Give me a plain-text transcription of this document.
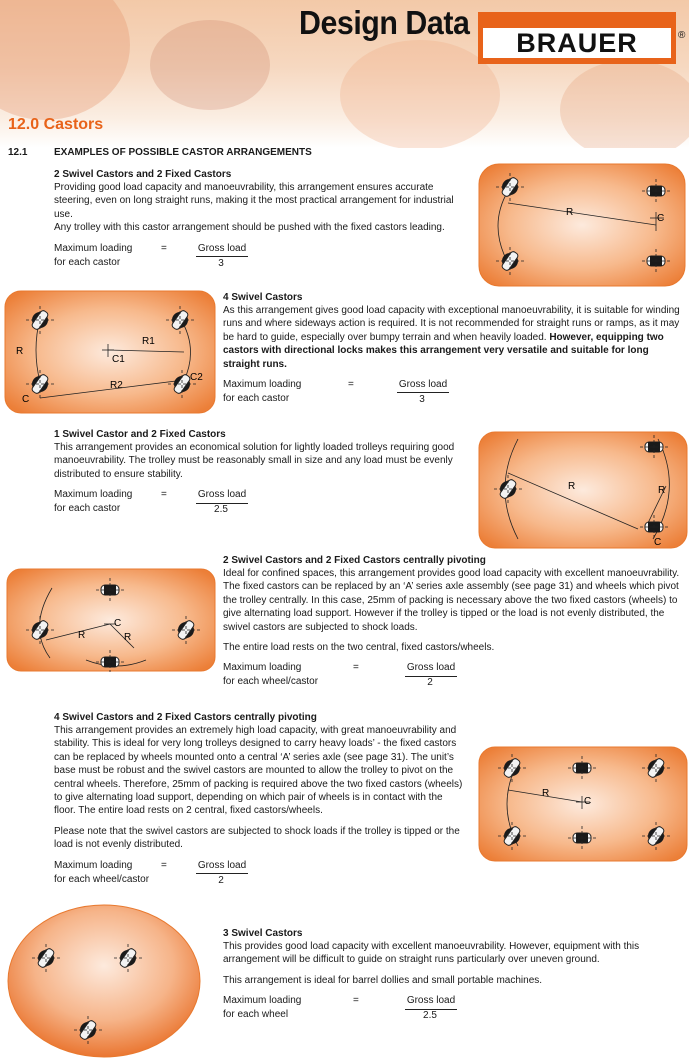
Design Data
BRAUER	®
12.0 Castors
12.1	EXAMPLES OF POSSIBLE CASTOR ARRANGEMENTS
2 Swivel Castors and 2 Fixed Castors

Providing good load capacity and manoeuvrability, this arrangement ensures accurate steering, even on long straight runs, making it the most practical arrangement for industrial use.
Any trolley with this castor arrangement should be pushed with the fixed castors leading.

Maximum loading
for each castor
=	Gross load
3
R
C
R
R1
R2
C
C1
C2
4 Swivel Castors

As this arrangement gives good load capacity with exceptional manoeuvrability, it is suitable for winding runs and where sideways action is required. It is not recommended for straight runs or ramps, as it may be hard to guide, especially over bumpy terrain and when heavily loaded. However, equipping two castors with directional locks makes this arrangement very versatile and suitable for long straight runs.

Maximum loading
for each castor
=	Gross load
3
1 Swivel Castor and 2 Fixed Castors

This arrangement provides an economical solution for lightly loaded trolleys requiring good manoeuvrability. The trolley must be reasonably small in size and any load must be evenly distributed to ensure stability.

Maximum loading
for each castor
=	Gross load
2.5
R	R
C
R	R
C
2 Swivel Castors and 2 Fixed Castors centrally pivoting

Ideal for confined spaces, this arrangement provides good load capacity with excellent manoeuvrability. The fixed castors can be replaced by an ‘A’ series axle assembly (see page 31) and wheels which pivot the trolley centrally. In this case, 25mm of packing is necessary above the two fixed castors (wheels) to give alternating load support. However if the trolley is tipped or the load is not evenly distributed, the swivel castors are subjected to shock loads.

The entire load rests on the two central, fixed castors/wheels.

Maximum loading
for each wheel/castor
=	Gross load
2
4 Swivel Castors and 2 Fixed Castors centrally pivoting

This arrangement provides an extremely high load capacity, with great manoeuvrability and stability. This is ideal for very long trolleys designed to carry heavy loads’ - the fixed castors can be replaced by wheels mounted onto a central ‘A’ series axle (see page 31). The unit’s base must be robust and the swivel castors are mounted to allow the trolley to pivot on the central wheels. Therefore, 25mm of packing is required above the two fixed castors (wheels) to give alternating load support, depending on which pair of wheels is in contact with the floor. The entire load rests on 2 central, fixed castors/wheels.

Please note that the swivel castors are subjected to shock loads if the trolley is tipped or the load is not evenly distributed.

Maximum loading
for each wheel/castor
=	Gross load
2
R
C
3 Swivel Castors

This provides good load capacity with excellent manoeuvrability. However, equipment with this arrangement will be difficult to guide on straight runs particularly over uneven ground.

This arrangement is ideal for barrel dollies and small portable machines.

Maximum loading
for each wheel
=	Gross load
2.5
